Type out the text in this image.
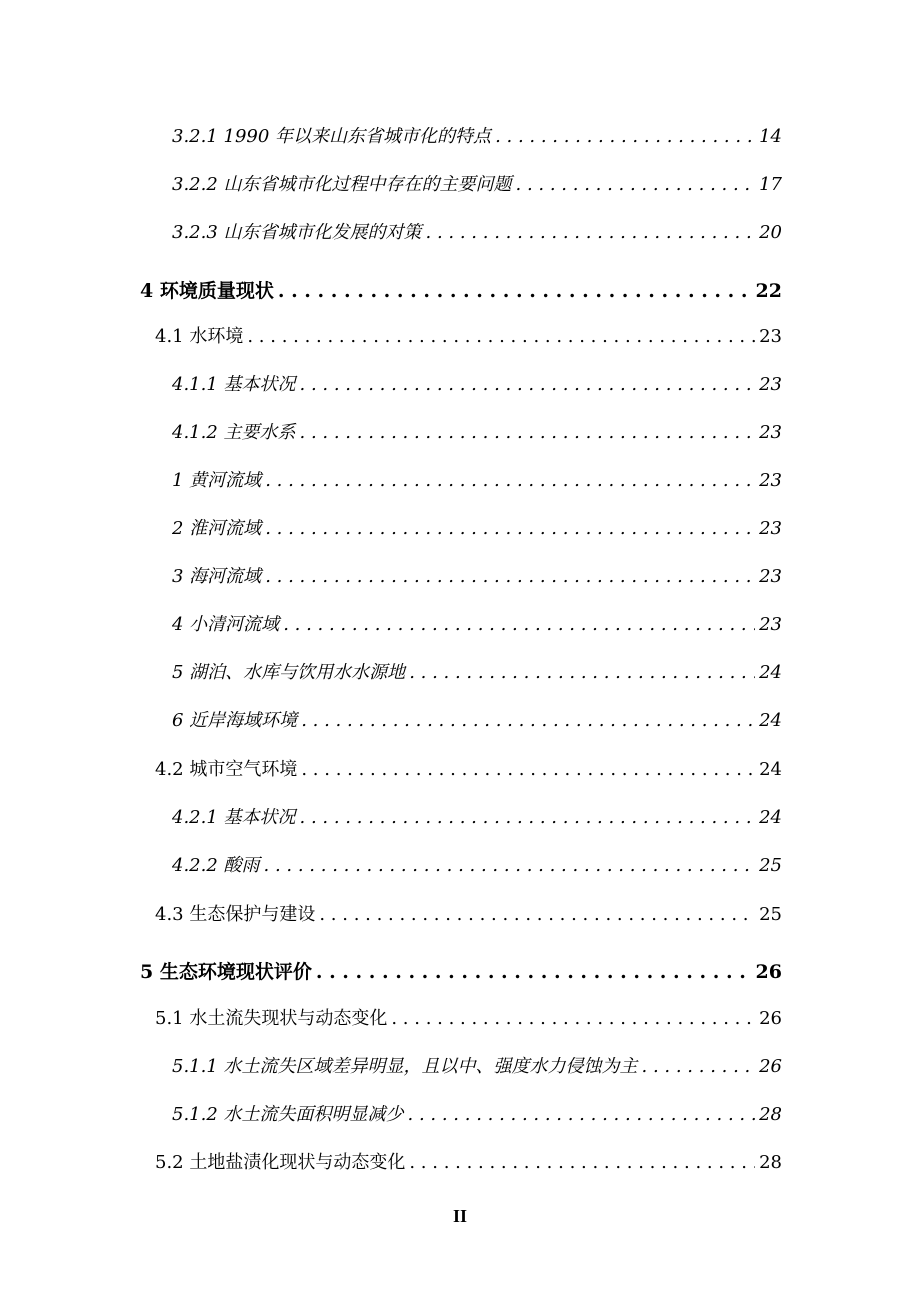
3.2.1 1990 年以来山东省城市化的特点 . . .	14
3.2.2 山东省城市化过程中存在的主要问题 . . .	17
3.2.3 山东省城市化发展的对策 . . .	20
4 环境质量现状 . . .	22
4.1 水环境 . . .	23
4.1.1 基本状况 . . .	23
4.1.2 主要水系 . . .	23
1 黄河流域 . . .	23
2 淮河流域 . . .	23
3 海河流域 . . .	23
4 小清河流域 . . .	23
5 湖泊、水库与饮用水水源地 . . .	24
6 近岸海域环境 . . .	24
4.2 城市空气环境 . . .	24
4.2.1 基本状况 . . .	24
4.2.2 酸雨 . . .	25
4.3 生态保护与建设 . . .	25
5 生态环境现状评价 . . .	26
5.1 水土流失现状与动态变化 . . .	26
5.1.1 水土流失区域差异明显，且以中、强度水力侵蚀为主 . . .	26
5.1.2 水土流失面积明显减少 . . .	28
5.2 土地盐渍化现状与动态变化 . . .	28
II
